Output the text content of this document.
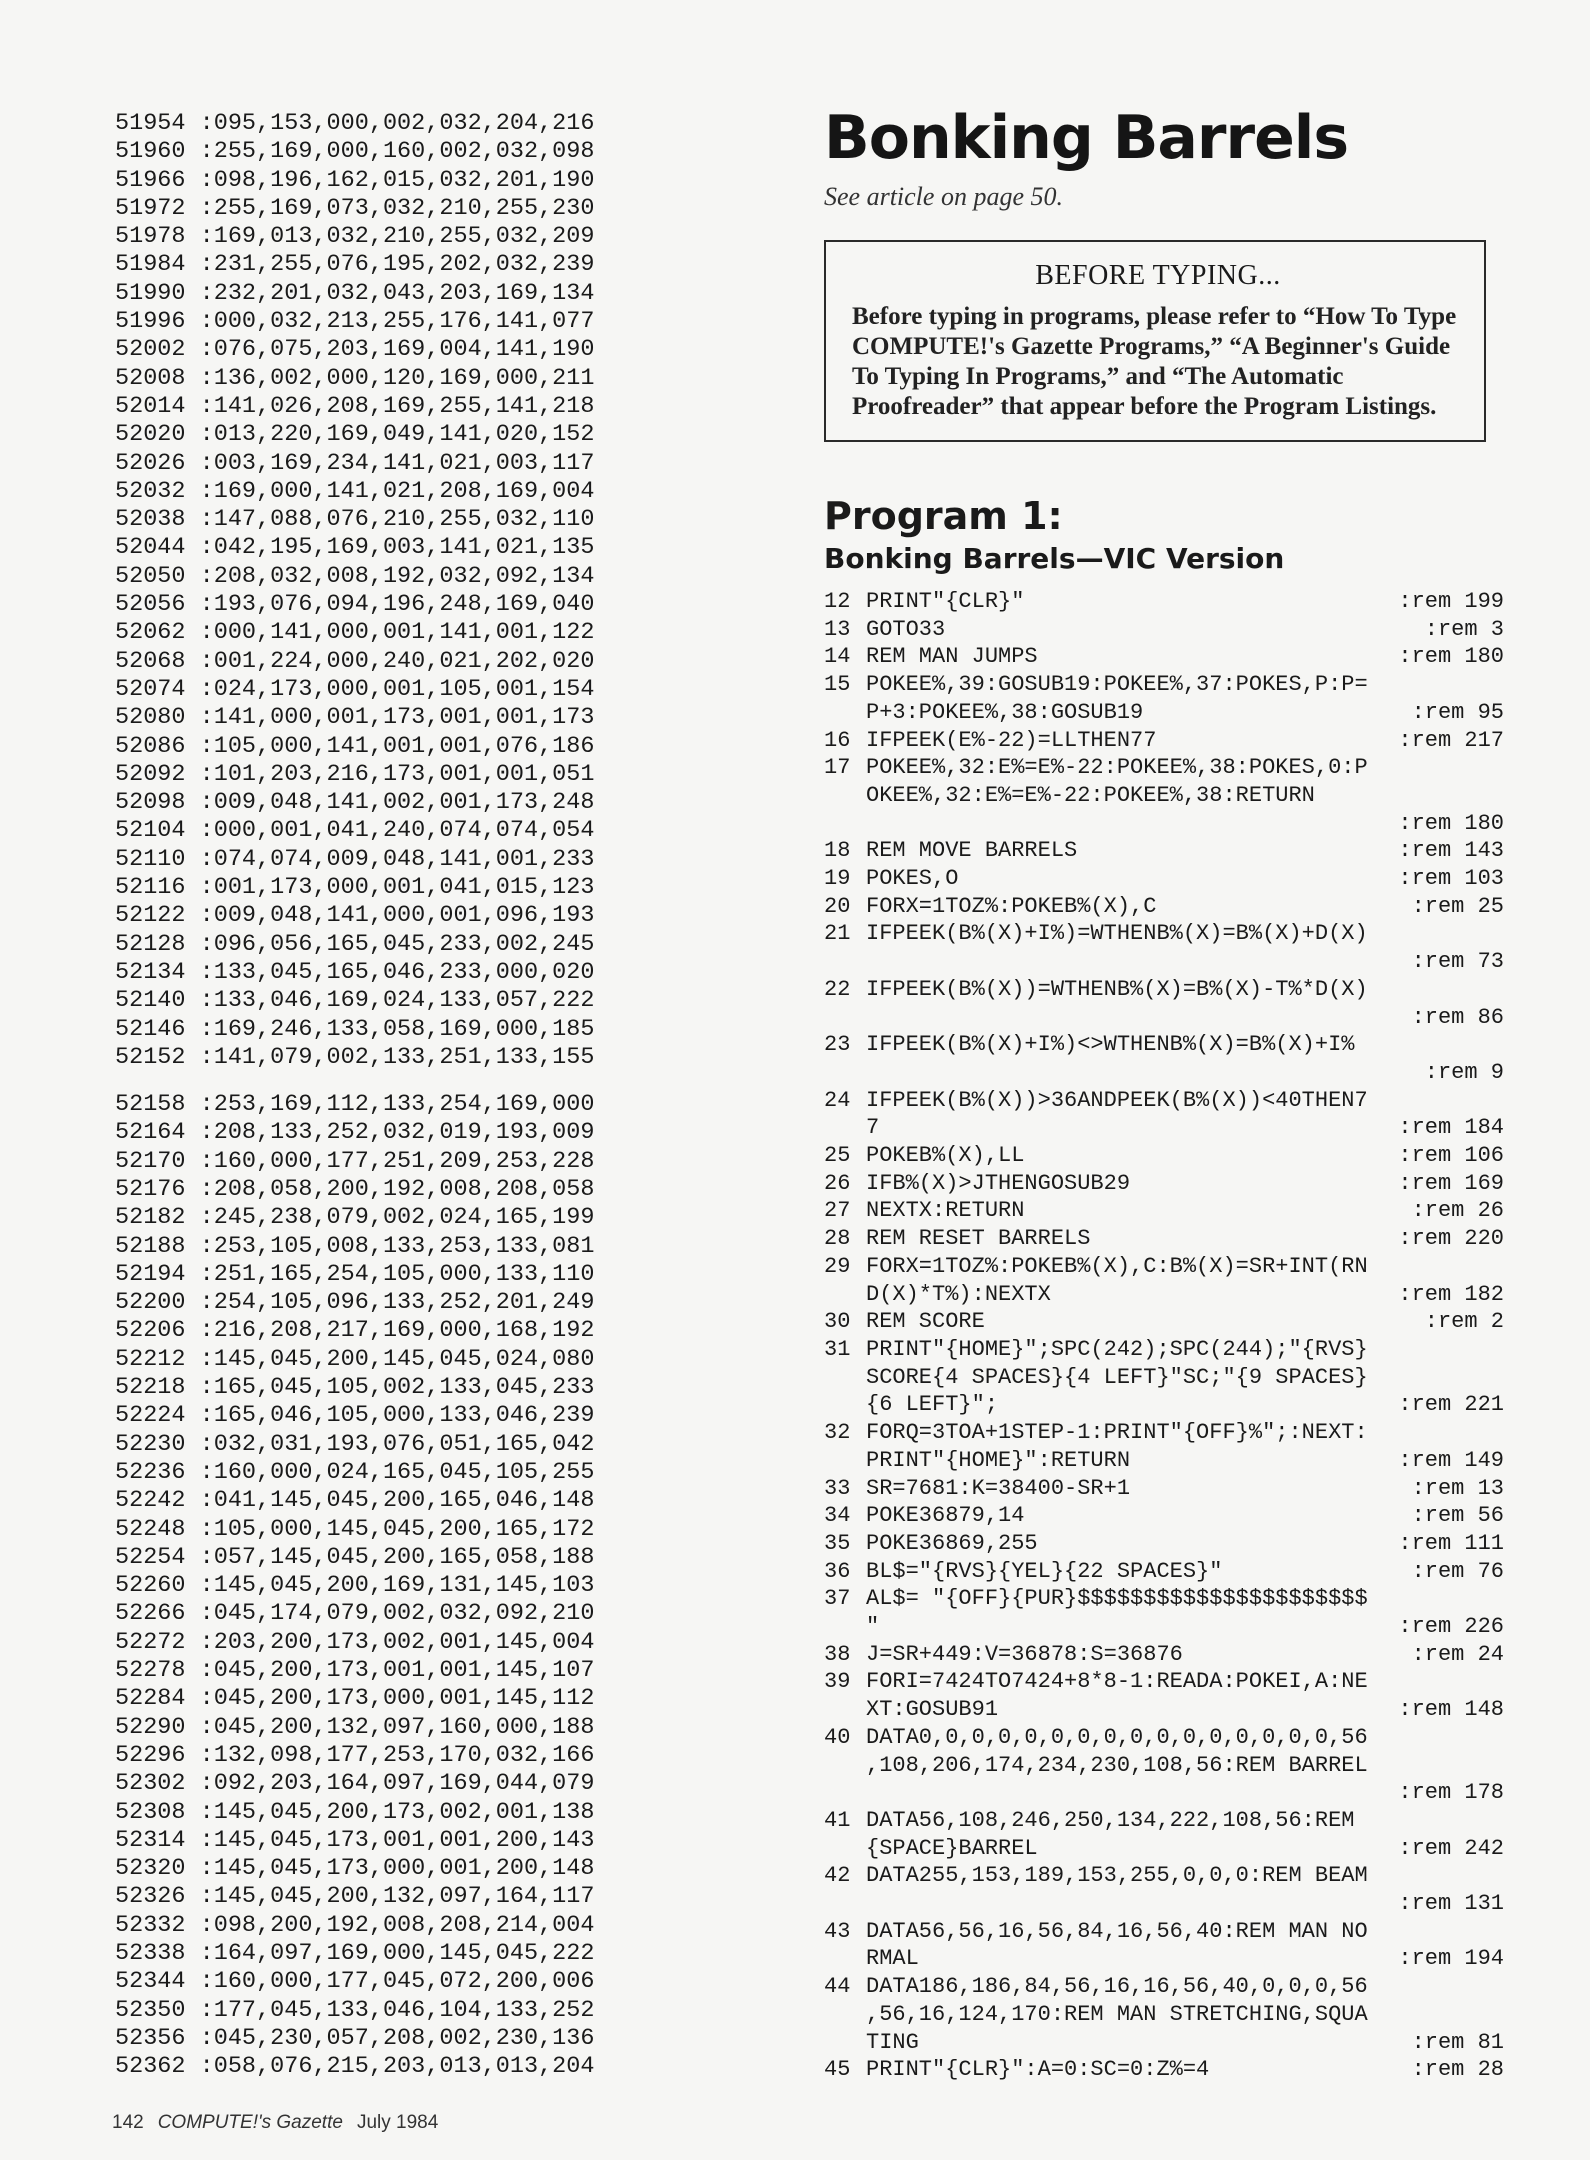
51954 :095,153,000,002,032,204,216
51960 :255,169,000,160,002,032,098
51966 :098,196,162,015,032,201,190
51972 :255,169,073,032,210,255,230
51978 :169,013,032,210,255,032,209
51984 :231,255,076,195,202,032,239
51990 :232,201,032,043,203,169,134
51996 :000,032,213,255,176,141,077
52002 :076,075,203,169,004,141,190
52008 :136,002,000,120,169,000,211
52014 :141,026,208,169,255,141,218
52020 :013,220,169,049,141,020,152
52026 :003,169,234,141,021,003,117
52032 :169,000,141,021,208,169,004
52038 :147,088,076,210,255,032,110
52044 :042,195,169,003,141,021,135
52050 :208,032,008,192,032,092,134
52056 :193,076,094,196,248,169,040
52062 :000,141,000,001,141,001,122
52068 :001,224,000,240,021,202,020
52074 :024,173,000,001,105,001,154
52080 :141,000,001,173,001,001,173
52086 :105,000,141,001,001,076,186
52092 :101,203,216,173,001,001,051
52098 :009,048,141,002,001,173,248
52104 :000,001,041,240,074,074,054
52110 :074,074,009,048,141,001,233
52116 :001,173,000,001,041,015,123
52122 :009,048,141,000,001,096,193
52128 :096,056,165,045,233,002,245
52134 :133,045,165,046,233,000,020
52140 :133,046,169,024,133,057,222
52146 :169,246,133,058,169,000,185
52152 :141,079,002,133,251,133,155
52158 :253,169,112,133,254,169,000
52164 :208,133,252,032,019,193,009
52170 :160,000,177,251,209,253,228
52176 :208,058,200,192,008,208,058
52182 :245,238,079,002,024,165,199
52188 :253,105,008,133,253,133,081
52194 :251,165,254,105,000,133,110
52200 :254,105,096,133,252,201,249
52206 :216,208,217,169,000,168,192
52212 :145,045,200,145,045,024,080
52218 :165,045,105,002,133,045,233
52224 :165,046,105,000,133,046,239
52230 :032,031,193,076,051,165,042
52236 :160,000,024,165,045,105,255
52242 :041,145,045,200,165,046,148
52248 :105,000,145,045,200,165,172
52254 :057,145,045,200,165,058,188
52260 :145,045,200,169,131,145,103
52266 :045,174,079,002,032,092,210
52272 :203,200,173,002,001,145,004
52278 :045,200,173,001,001,145,107
52284 :045,200,173,000,001,145,112
52290 :045,200,132,097,160,000,188
52296 :132,098,177,253,170,032,166
52302 :092,203,164,097,169,044,079
52308 :145,045,200,173,002,001,138
52314 :145,045,173,001,001,200,143
52320 :145,045,173,000,001,200,148
52326 :145,045,200,132,097,164,117
52332 :098,200,192,008,208,214,004
52338 :164,097,169,000,145,045,222
52344 :160,000,177,045,072,200,006
52350 :177,045,133,046,104,133,252
52356 :045,230,057,208,002,230,136
52362 :058,076,215,203,013,013,204
Bonking Barrels

See article on page 50.

BEFORE TYPING...

Before typing in programs, please refer to “How To Type COMPUTE!'s Gazette Programs,” “A Beginner's Guide To Typing In Programs,” and “The Automatic Proofreader” that appear before the Program Listings.

Program 1:
Bonking Barrels—VIC Version
12 PRINT"{CLR}"	:rem 199
13 GOTO33	:rem 3
14 REM MAN JUMPS	:rem 180
15 POKEE%,39:GOSUB19:POKEE%,37:POKES,P:P=
P+3:POKEE%,38:GOSUB19	:rem 95
16 IFPEEK(E%-22)=LLTHEN77	:rem 217
17 POKEE%,32:E%=E%-22:POKEE%,38:POKES,0:P
OKEE%,32:E%=E%-22:POKEE%,38:RETURN

:rem 180
18 REM MOVE BARRELS	:rem 143
19 POKES,O	:rem 103
20 FORX=1TOZ%:POKEB%(X),C	:rem 25
21 IFPEEK(B%(X)+I%)=WTHENB%(X)=B%(X)+D(X)

:rem 73
22 IFPEEK(B%(X))=WTHENB%(X)=B%(X)-T%*D(X)

:rem 86
23 IFPEEK(B%(X)+I%)<>WTHENB%(X)=B%(X)+I%

:rem 9
24 IFPEEK(B%(X))>36ANDPEEK(B%(X))<40THEN7
7	:rem 184
25 POKEB%(X),LL	:rem 106
26 IFB%(X)>JTHENGOSUB29	:rem 169
27 NEXTX:RETURN	:rem 26
28 REM RESET BARRELS	:rem 220
29 FORX=1TOZ%:POKEB%(X),C:B%(X)=SR+INT(RN
D(X)*T%):NEXTX	:rem 182
30 REM SCORE	:rem 2
31 PRINT"{HOME}";SPC(242);SPC(244);"{RVS}
SCORE{4 SPACES}{4 LEFT}"SC;"{9 SPACES}
{6 LEFT}";	:rem 221
32 FORQ=3TOA+1STEP-1:PRINT"{OFF}%";:NEXT:
PRINT"{HOME}":RETURN	:rem 149
33 SR=7681:K=38400-SR+1	:rem 13
34 POKE36879,14	:rem 56
35 POKE36869,255	:rem 111
36 BL$="{RVS}{YEL}{22 SPACES}"	:rem 76
37 AL$= "{OFF}{PUR}$$$$$$$$$$$$$$$$$$$$$$
"	:rem 226
38 J=SR+449:V=36878:S=36876	:rem 24
39 FORI=7424TO7424+8*8-1:READA:POKEI,A:NE
XT:GOSUB91	:rem 148
40 DATA0,0,0,0,0,0,0,0,0,0,0,0,0,0,0,0,56
,108,206,174,234,230,108,56:REM BARREL

:rem 178
41 DATA56,108,246,250,134,222,108,56:REM
{SPACE}BARREL	:rem 242
42 DATA255,153,189,153,255,0,0,0:REM BEAM

:rem 131
43 DATA56,56,16,56,84,16,56,40:REM MAN NO
RMAL	:rem 194
44 DATA186,186,84,56,16,16,56,40,0,0,0,56
,56,16,124,170:REM MAN STRETCHING,SQUA
TING	:rem 81
45 PRINT"{CLR}":A=0:SC=0:Z%=4	:rem 28
142 COMPUTE!'s Gazette July 1984
